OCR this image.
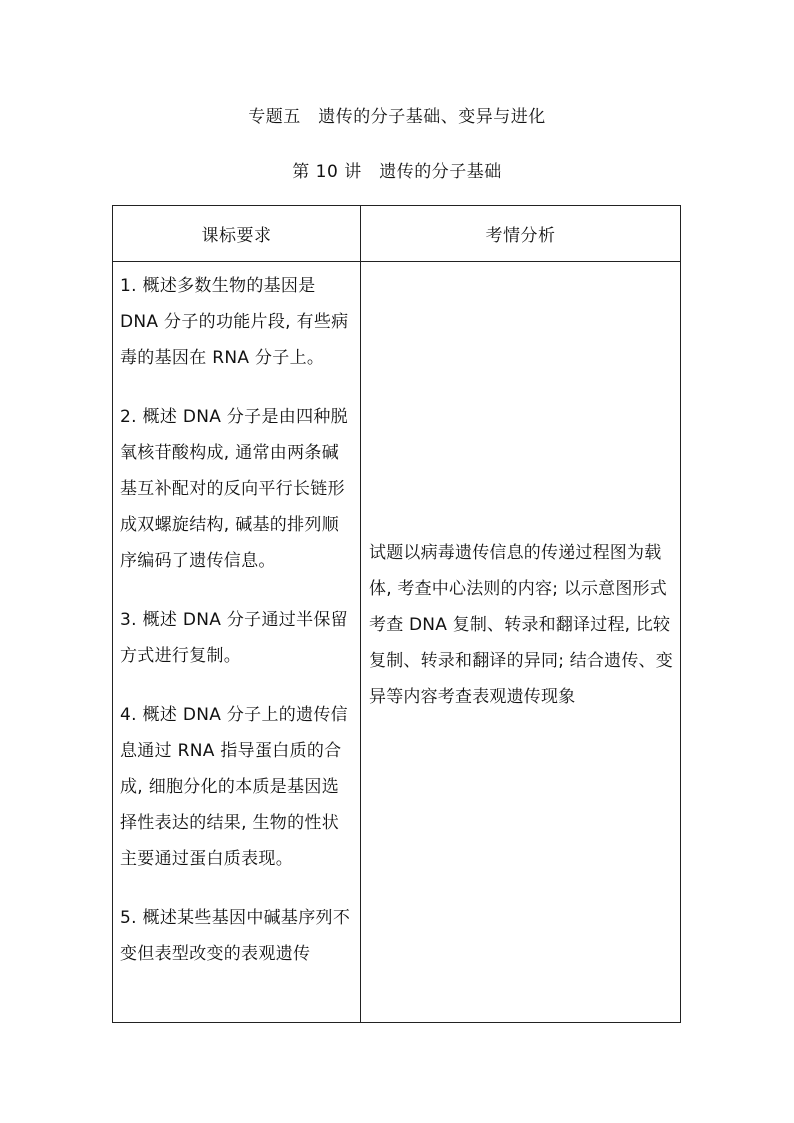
专题五　遗传的分子基础、变异与进化
第 10 讲　遗传的分子基础
课标要求	考情分析
1. 概述多数生物的基因是 DNA 分子的功能片段, 有些病毒的基因在 RNA 分子上。
2. 概述 DNA 分子是由四种脱氧核苷酸构成, 通常由两条碱基互补配对的反向平行长链形成双螺旋结构, 碱基的排列顺序编码了遗传信息。
3. 概述 DNA 分子通过半保留方式进行复制。
4. 概述 DNA 分子上的遗传信息通过 RNA 指导蛋白质的合成, 细胞分化的本质是基因选择性表达的结果, 生物的性状主要通过蛋白质表现。
5. 概述某些基因中碱基序列不变但表型改变的表观遗传
试题以病毒遗传信息的传递过程图为载体, 考查中心法则的内容; 以示意图形式考查 DNA 复制、转录和翻译过程, 比较复制、转录和翻译的异同; 结合遗传、变异等内容考查表观遗传现象
